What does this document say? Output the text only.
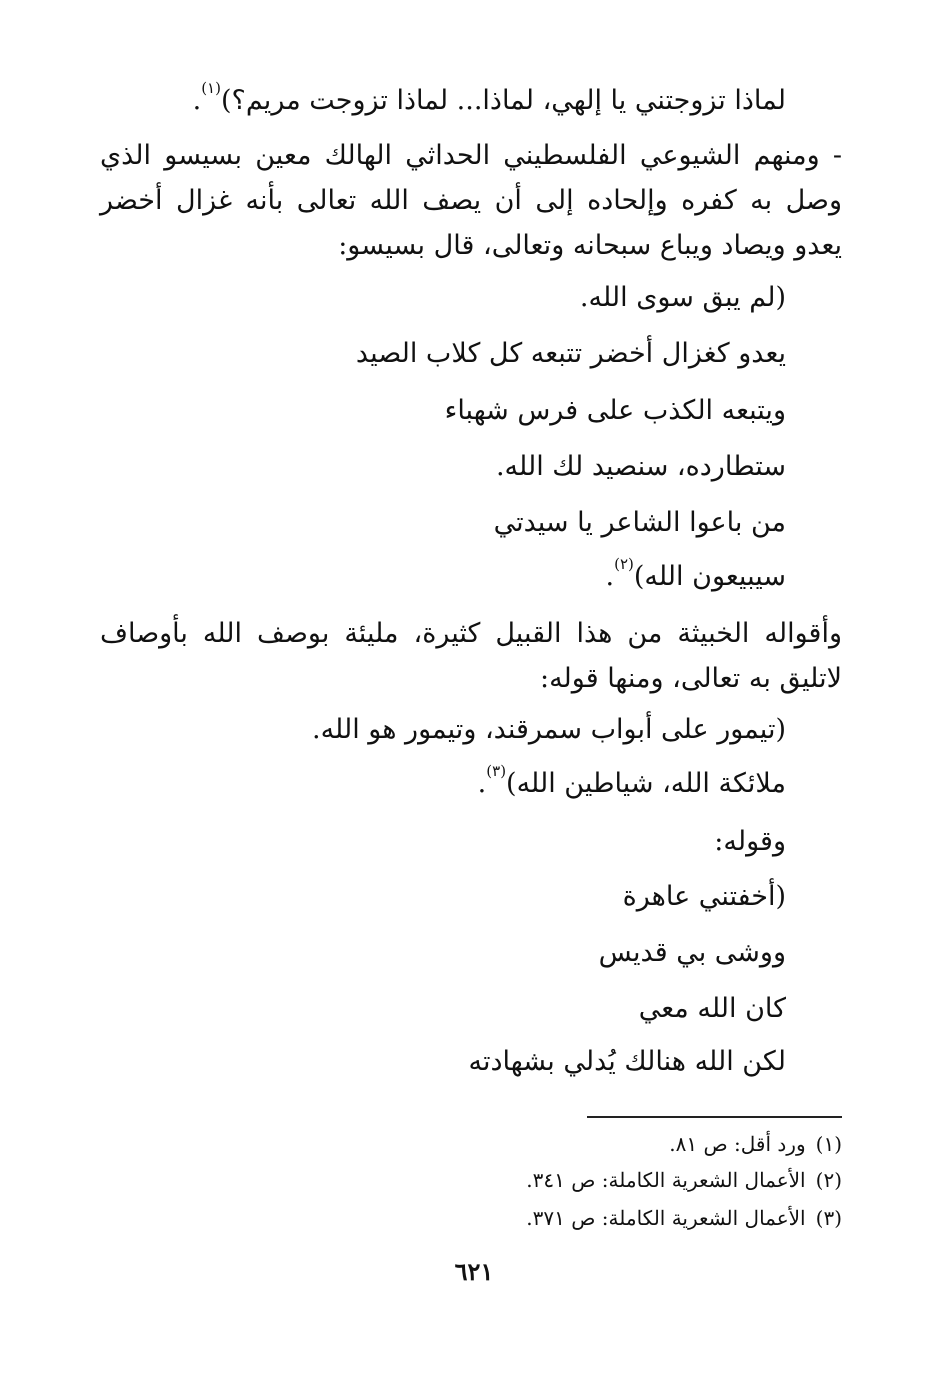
لماذا تزوجتني يا إلهي، لماذا... لماذا تزوجت مريم؟)$^{(١)}$.
- ومنهم الشيوعي الفلسطيني الحداثي الهالك معين بسيسو الذي وصل به كفره وإلحاده إلى أن يصف الله تعالى بأنه غزال أخضر يعدو ويصاد ويباع سبحانه وتعالى، قال بسيسو:
(لم يبق سوى الله.
يعدو كغزال أخضر تتبعه كل كلاب الصيد
ويتبعه الكذب على فرس شهباء
ستطارده، سنصيد لك الله.
من باعوا الشاعر يا سيدتي
سيبيعون الله)$^{(٢)}$.
وأقواله الخبيثة من هذا القبيل كثيرة، مليئة بوصف الله بأوصاف لاتليق به تعالى، ومنها قوله:
(تيمور على أبواب سمرقند، وتيمور هو الله.
ملائكة الله، شياطين الله)$^{(٣)}$.
وقوله:
(أخفتني عاهرة
ووشى بي قديس
كان الله معي
لكن الله هنالك يُدلي بشهادته
(١)ورد أقل: ص ٨١.
(٢)الأعمال الشعرية الكاملة: ص ٣٤١.
(٣)الأعمال الشعرية الكاملة: ص ٣٧١.
٦٢١
